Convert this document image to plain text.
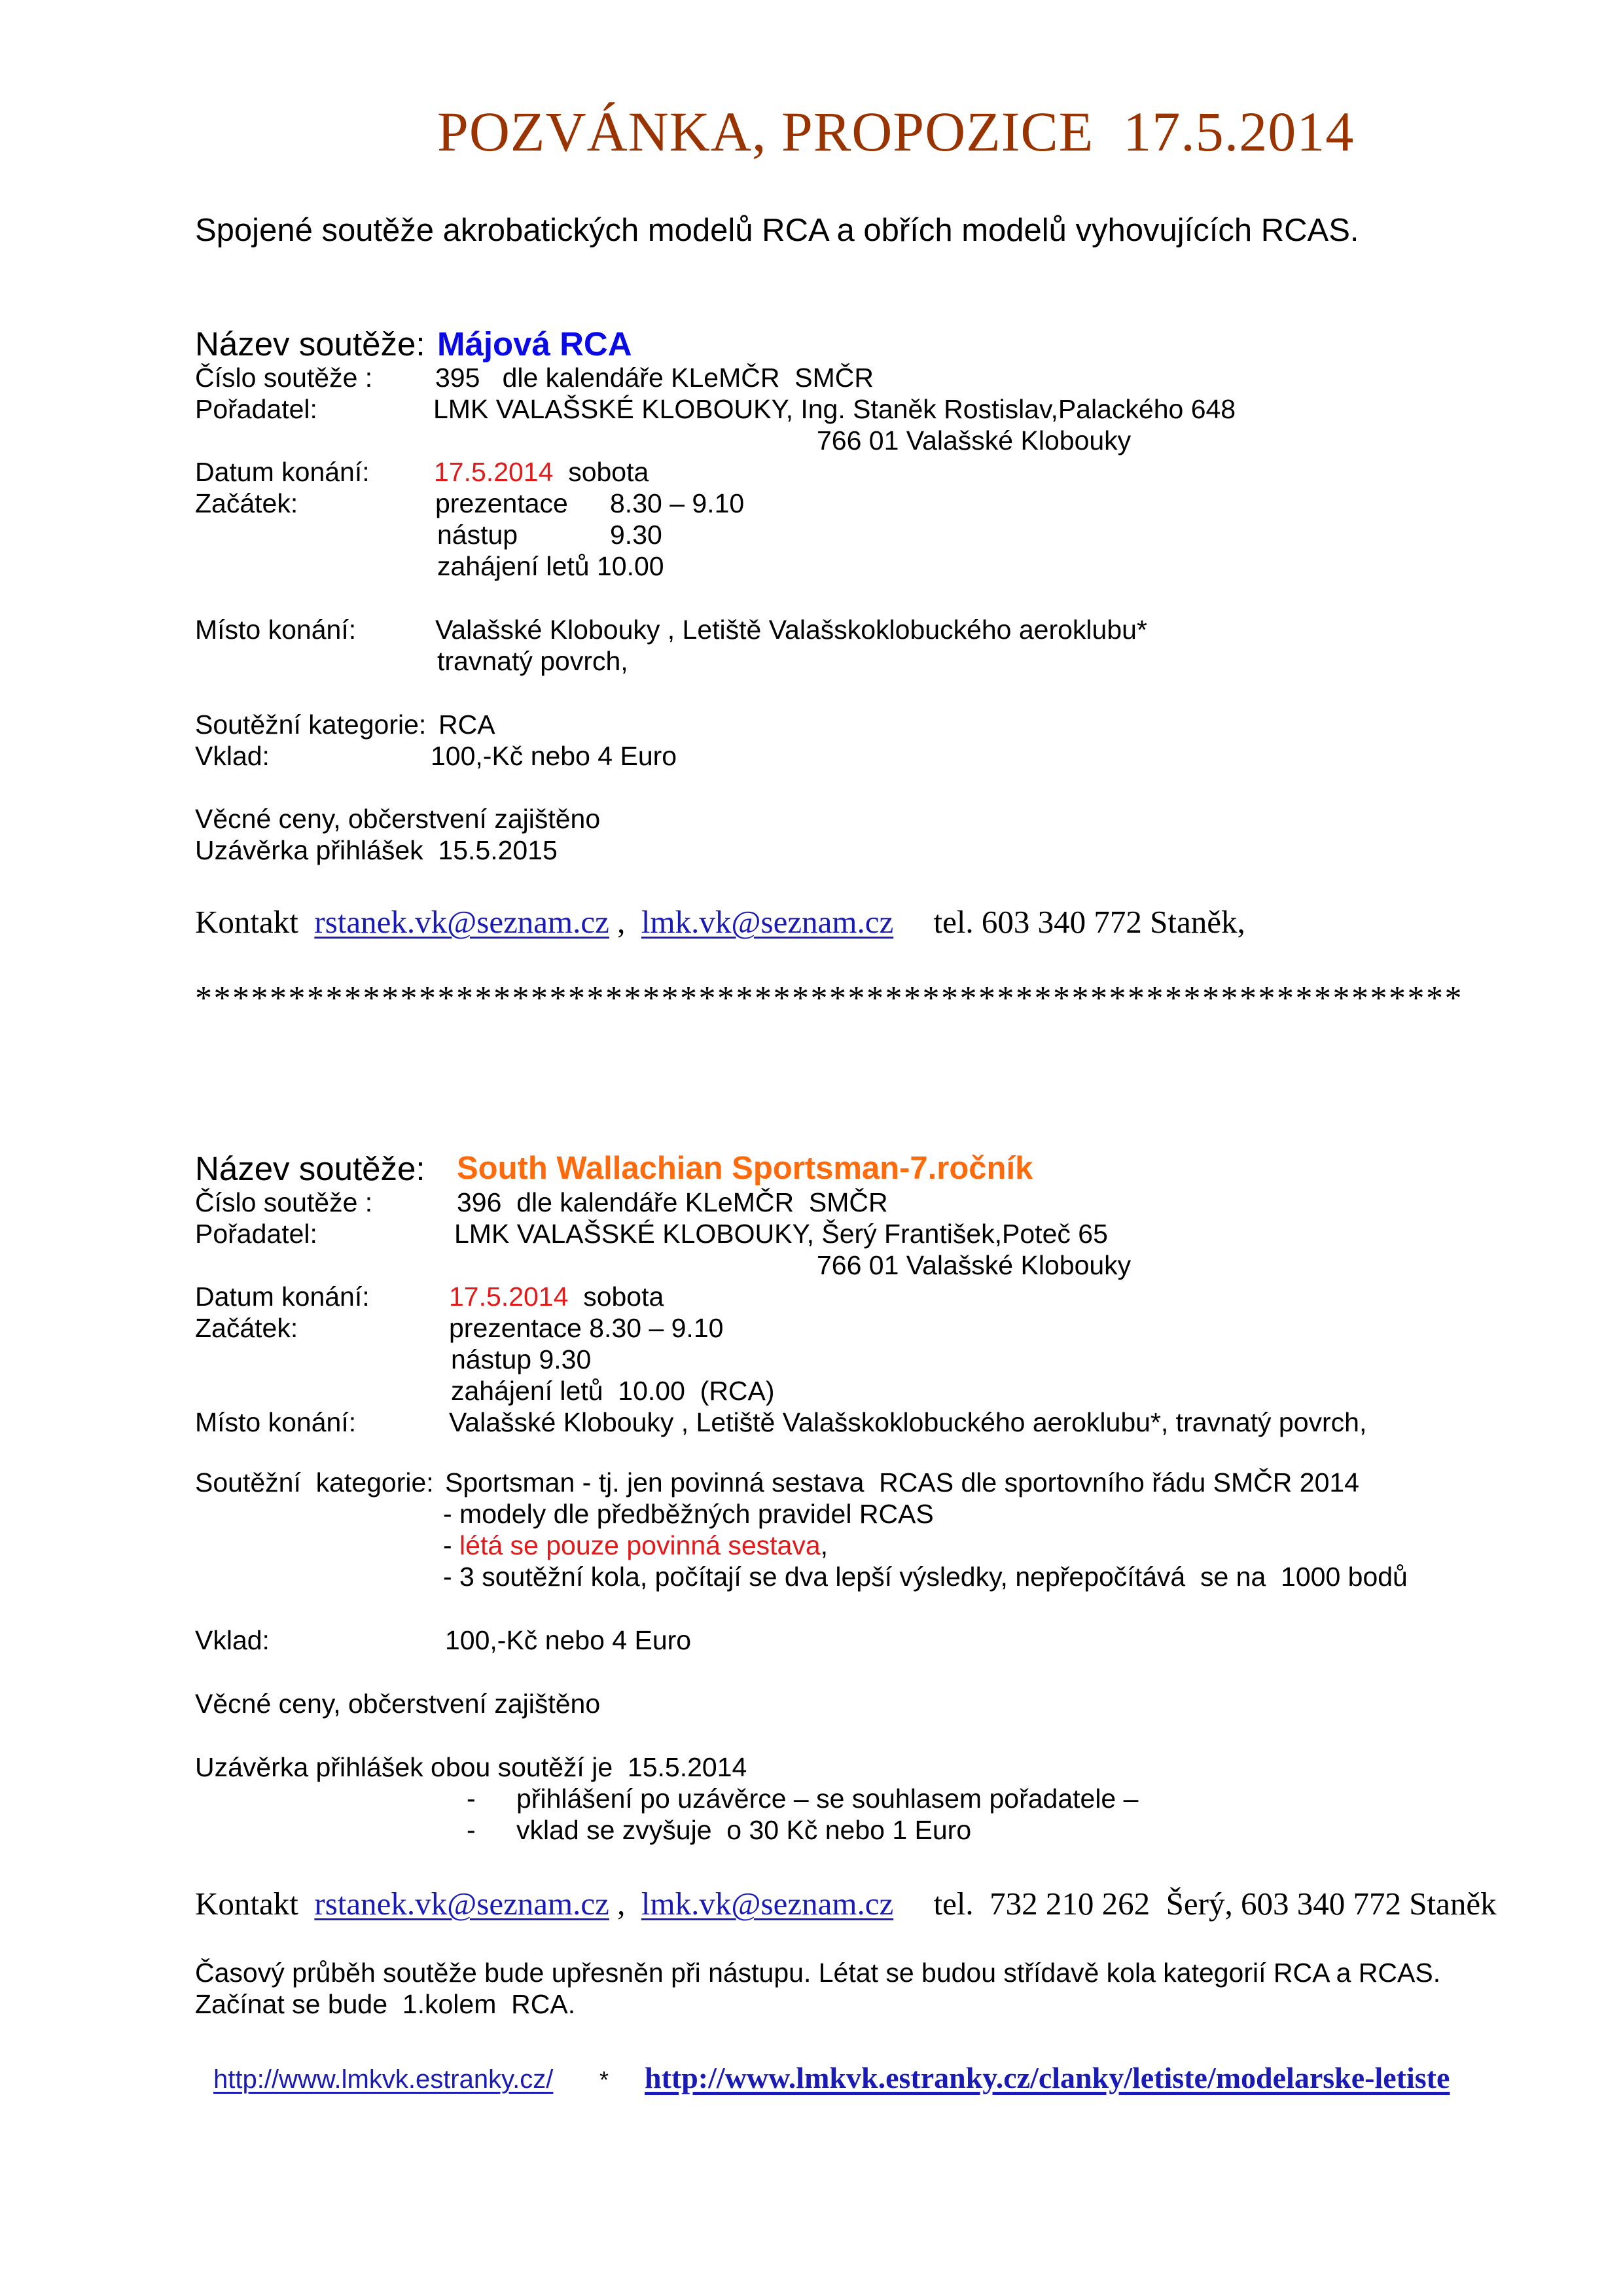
POZVÁNKA, PROPOZICE  17.5.2014
Spojené soutěže akrobatických modelů RCA a obřích modelů vyhovujících RCAS.
Název soutěže: Májová RCA
Číslo soutěže : 395   dle kalendáře KLeMČR  SMČR
Pořadatel:	LMK VALAŠSKÉ KLOBOUKY, Ing. Staněk Rostislav,Palackého 648
766 01 Valašské Klobouky
Datum konání: 17.5.2014 sobota
Začátek:	prezentace 8.30 – 9.10
nástup	9.30
zahájení letů 10.00
Místo konání:	Valašské Klobouky , Letiště Valašskoklobuckého aeroklubu*
travnatý povrch,
Soutěžní kategorie: RCA
Vklad:	100,-Kč nebo 4 Euro
Věcné ceny, občerstvení zajištěno
Uzávěrka přihlášek  15.5.2015
Kontakt rstanek.vk@seznam.cz , lmk.vk@seznam.cz tel. 603 340 772 Staněk,
********************************************************************
Název soutěže: South Wallachian Sportsman-7.ročník
Číslo soutěže :	396  dle kalendáře KLeMČR  SMČR
Pořadatel:	LMK VALAŠSKÉ KLOBOUKY, Šerý František,Poteč 65
766 01 Valašské Klobouky
Datum konání:	17.5.2014 sobota
Začátek:	prezentace 8.30 – 9.10
nástup 9.30
zahájení letů  10.00  (RCA)
Místo konání:	Valašské Klobouky , Letiště Valašskoklobuckého aeroklubu*, travnatý povrch,
Soutěžní  kategorie: Sportsman - tj. jen povinná sestava  RCAS dle sportovního řádu SMČR 2014
- modely dle předběžných pravidel RCAS
- létá se pouze povinná sestava,
- 3 soutěžní kola, počítají se dva lepší výsledky, nepřepočítává  se na  1000 bodů
Vklad:	100,-Kč nebo 4 Euro
Věcné ceny, občerstvení zajištěno
Uzávěrka přihlášek obou soutěží je  15.5.2014
- přihlášení po uzávěrce – se souhlasem pořadatele –
- vklad se zvyšuje  o 30 Kč nebo 1 Euro
Kontakt rstanek.vk@seznam.cz , lmk.vk@seznam.cz tel.  732 210 262  Šerý, 603 340 772 Staněk
Časový průběh soutěže bude upřesněn při nástupu. Létat se budou střídavě kola kategorií RCA a RCAS.
Začínat se bude  1.kolem  RCA.
http://www.lmkvk.estranky.cz/ * http://www.lmkvk.estranky.cz/clanky/letiste/modelarske-letiste
